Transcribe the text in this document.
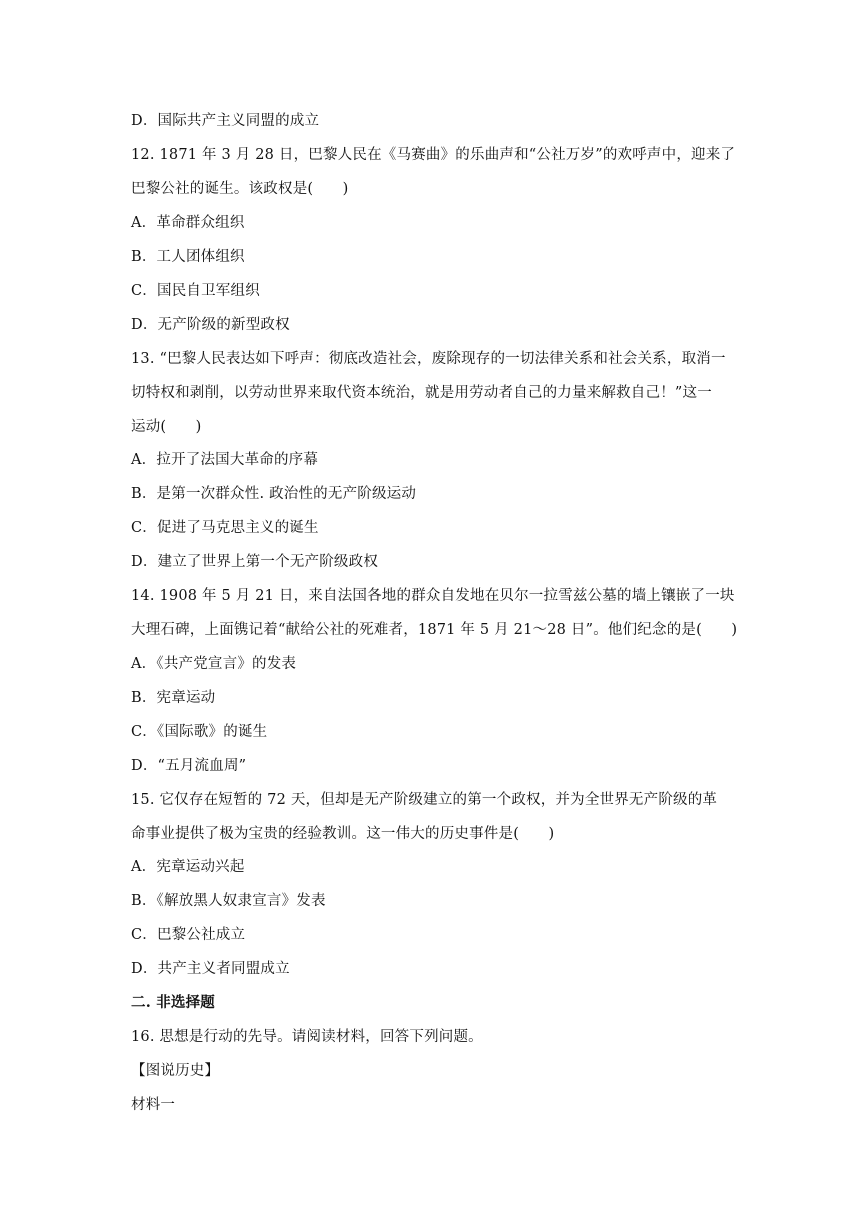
D．国际共产主义同盟的成立
12. 1871 年 3 月 28 日，巴黎人民在《马赛曲》的乐曲声和“公社万岁”的欢呼声中，迎来了
巴黎公社的诞生。该政权是(　　)
A．革命群众组织
B．工人团体组织
C．国民自卫军组织
D．无产阶级的新型政权
13. “巴黎人民表达如下呼声：彻底改造社会，废除现存的一切法律关系和社会关系，取消一
切特权和剥削，以劳动世界来取代资本统治，就是用劳动者自己的力量来解救自己！”这一
运动(　　)
A．拉开了法国大革命的序幕
B．是第一次群众性. 政治性的无产阶级运动
C．促进了马克思主义的诞生
D．建立了世界上第一个无产阶级政权
14. 1908 年 5 月 21 日，来自法国各地的群众自发地在贝尔一拉雪兹公墓的墙上镶嵌了一块
大理石碑，上面镌记着“献给公社的死难者，1871 年 5 月 21～28 日”。他们纪念的是(　　)
A．《共产党宣言》的发表
B．宪章运动
C．《国际歌》的诞生
D．“五月流血周”
15. 它仅存在短暂的 72 天，但却是无产阶级建立的第一个政权，并为全世界无产阶级的革
命事业提供了极为宝贵的经验教训。这一伟大的历史事件是(　　)
A．宪章运动兴起
B．《解放黑人奴隶宣言》发表
C．巴黎公社成立
D．共产主义者同盟成立
二. 非选择题
16. 思想是行动的先导。请阅读材料，回答下列问题。
【图说历史】
材料一
